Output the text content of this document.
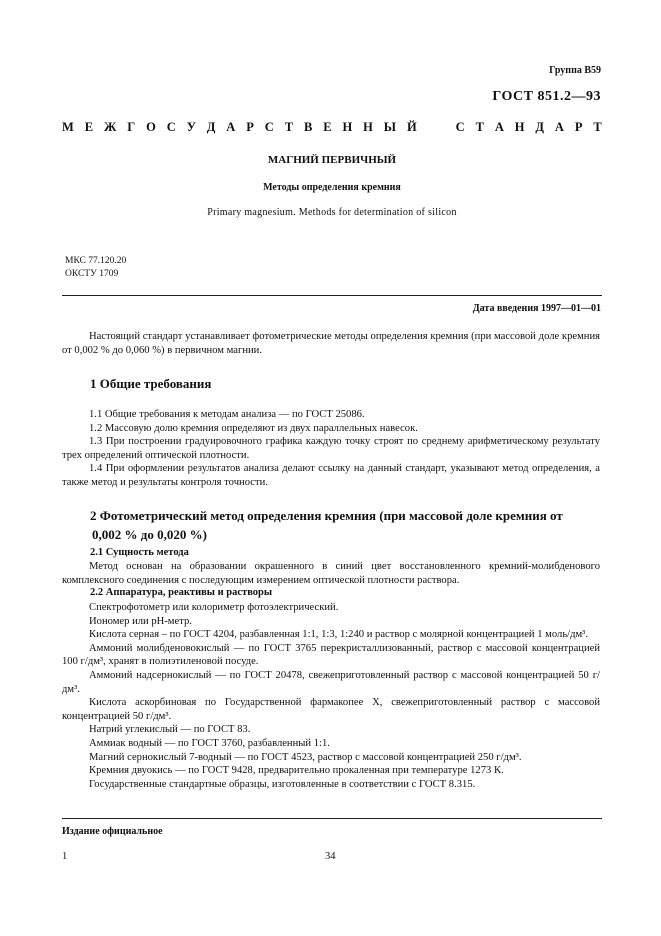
Группа В59
ГОСТ 851.2—93
М Е Ж Г О С У Д А Р С Т В Е Н Н Ы Й

	С Т А Н Д А Р Т
МАГНИЙ ПЕРВИЧНЫЙ
Методы определения кремния
Primary magnesium. Methods for determination of silicon
МКС 77.120.20
ОКСТУ 1709
Дата введения 1997—01—01
Настоящий стандарт устанавливает фотометрические методы определения кремния (при массовой доле кремния от 0,002 % до 0,060 %) в первичном магнии.
1 Общие требования

1.1 Общие требования к методам анализа — по ГОСТ 25086.

1.2 Массовую долю кремния определяют из двух параллельных навесок.

1.3 При построении градуировочного графика каждую точку строят по среднему арифметическому результату трех определений оптической плотности.

1.4 При оформлении результатов анализа делают ссылку на данный стандарт, указывают метод определения, а также метод и результаты контроля точности.

2 Фотометрический метод определения кремния (при массовой доле кремния от
0,002 % до 0,020 %)
2.1 Сущность метода
Метод основан на образовании окрашенного в синий цвет восстановленного кремний-молибденового комплексного соединения с последующим измерением оптической плотности раствора.
2.2 Аппаратура, реактивы и растворы

Спектрофотометр или колориметр фотоэлектрический.

Иономер или рН-метр.

Кислота серная – по ГОСТ 4204, разбавленная 1:1, 1:3, 1:240 и раствор с молярной концентрацией 1 моль/дм³.

Аммоний молибденовокислый — по ГОСТ 3765 перекристаллизованный, раствор с массовой концентрацией 100 г/дм³, хранят в полиэтиленовой посуде.

Аммоний надсернокислый — по ГОСТ 20478, свежеприготовленный раствор с массовой концентрацией 50 г/дм³.

Кислота аскорбиновая по Государственной фармакопее X, свежеприготовленный раствор с массовой концентрацией 50 г/дм³.

Натрий углекислый — по ГОСТ 83.

Аммиак водный — по ГОСТ 3760, разбавленный 1:1.

Магний сернокислый 7-водный — по ГОСТ 4523, раствор с массовой концентрацией 250 г/дм³.

Кремния двуокись — по ГОСТ 9428, предварительно прокаленная при температуре 1273 К.

Государственные стандартные образцы, изготовленные в соответствии с ГОСТ 8.315.

Издание официальное
1	34
